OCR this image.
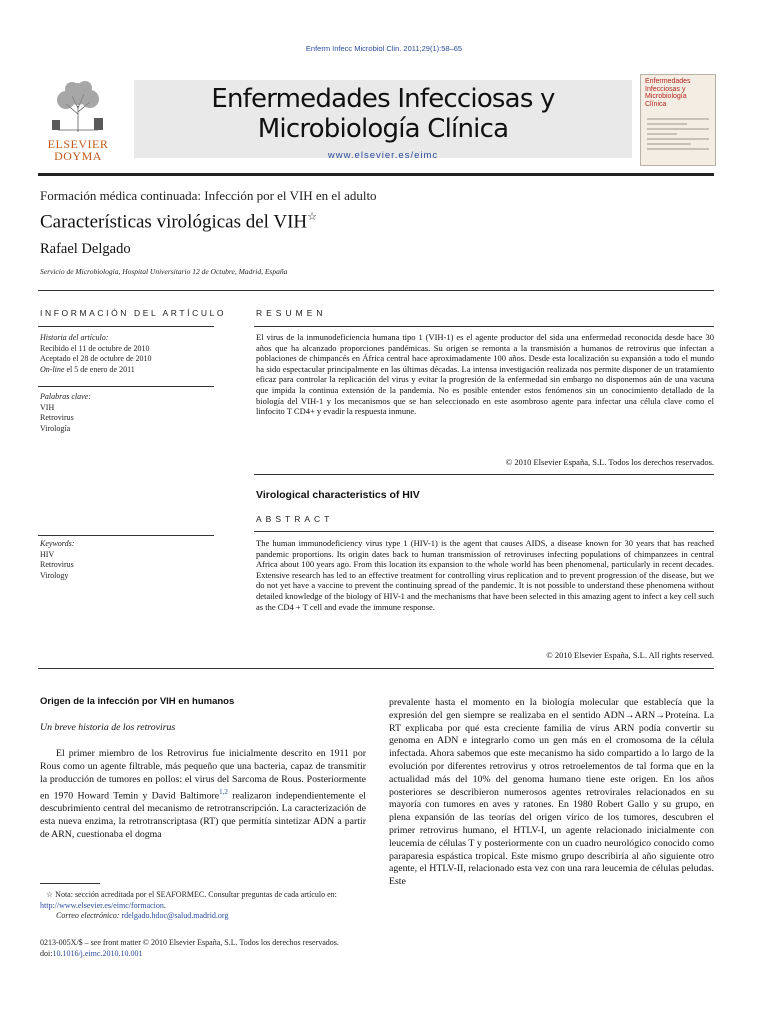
Enferm Infecc Microbiol Clin. 2011;29(1):58–65
ELSEVIER
DOYMA
Enfermedades Infecciosas y
Microbiología Clínica
www.elsevier.es/eimc
Enfermedades
Infecciosas y
Microbiología
Clínica
Formación médica continuada: Infección por el VIH en el adulto
Características virológicas del VIH☆
Rafael Delgado
Servicio de Microbiología, Hospital Universitario 12 de Octubre, Madrid, España
INFORMACIÓN DEL ARTÍCULO
Historia del artículo:
Recibido el 11 de octubre de 2010
Aceptado el 28 de octubre de 2010
On-line el 5 de enero de 2011
Palabras clave:
VIH
Retrovirus
Virología
Keywords:
HIV
Retrovirus
Virology
RESUMEN
El virus de la inmunodeficiencia humana tipo 1 (VIH-1) es el agente productor del sida una enfermedad reconocida desde hace 30 años que ha alcanzado proporciones pandémicas. Su origen se remonta a la transmisión a humanos de retrovirus que infectan a poblaciones de chimpancés en África central hace aproximadamente 100 años. Desde esta localización su expansión a todo el mundo ha sido espectacular principalmente en las últimas décadas. La intensa investigación realizada nos permite disponer de un tratamiento eficaz para controlar la replicación del virus y evitar la progresión de la enfermedad sin embargo no disponemos aún de una vacuna que impida la continua extensión de la pandemia. No es posible entender estos fenómenos sin un conocimiento detallado de la biología del VIH-1 y los mecanismos que se han seleccionado en este asombroso agente para infectar una célula clave como el linfocito T CD4+ y evadir la respuesta inmune.
© 2010 Elsevier España, S.L. Todos los derechos reservados.
Virological characteristics of HIV
ABSTRACT
The human immunodeficiency virus type 1 (HIV-1) is the agent that causes AIDS, a disease known for 30 years that has reached pandemic proportions. Its origin dates back to human transmission of retroviruses infecting populations of chimpanzees in central Africa about 100 years ago. From this location its expansion to the whole world has been phenomenal, particularly in recent decades. Extensive research has led to an effective treatment for controlling virus replication and to prevent progression of the disease, but we do not yet have a vaccine to prevent the continuing spread of the pandemic. It is not possible to understand these phenomena without detailed knowledge of the biology of HIV-1 and the mechanisms that have been selected in this amazing agent to infect a key cell such as the CD4 + T cell and evade the immune response.
© 2010 Elsevier España, S.L. All rights reserved.
Origen de la infección por VIH en humanos
Un breve historia de los retrovirus

El primer miembro de los Retrovirus fue inicialmente descrito en 1911 por Rous como un agente filtrable, más pequeño que una bacteria, capaz de transmitir la producción de tumores en pollos: el virus del Sarcoma de Rous. Posteriormente en 1970 Howard Temin y David Baltimore$^{1,2}$ realizaron independientemente el descubrimiento central del mecanismo de retrotranscripción. La caracterización de esta nueva enzima, la retrotranscriptasa (RT) que permitía sintetizar ADN a partir de ARN, cuestionaba el dogma

prevalente hasta el momento en la biología molecular que establecía que la expresión del gen siempre se realizaba en el sentido ADN→ARN→Proteína. La RT explicaba por qué esta creciente familia de virus ARN podía convertir su genoma en ADN e integrarlo como un gen más en el cromosoma de la célula infectada. Ahora sabemos que este mecanismo ha sido compartido a lo largo de la evolución por diferentes retrovirus y otros retroelementos de tal forma que en la actualidad más del 10% del genoma humano tiene este origen. En los años posteriores se describieron numerosos agentes retrovirales relacionados en su mayoría con tumores en aves y ratones. En 1980 Robert Gallo y su grupo, en plena expansión de las teorías del origen vírico de los tumores, descubren el primer retrovirus humano, el HTLV-I, un agente relacionado inicialmente con leucemia de células T y posteriormente con un cuadro neurológico conocido como paraparesia espástica tropical. Este mismo grupo describiría al año siguiente otro agente, el HTLV-II, relacionado esta vez con una rara leucemia de células peludas. Este

☆ Nota: sección acreditada por el SEAFORMEC. Consultar preguntas de cada artículo en: http://www.elsevier.es/eimc/formacion.
Correo electrónico: rdelgado.hdoc@salud.madrid.org
0213-005X/$ – see front matter © 2010 Elsevier España, S.L. Todos los derechos reservados.
doi:10.1016/j.eimc.2010.10.001
